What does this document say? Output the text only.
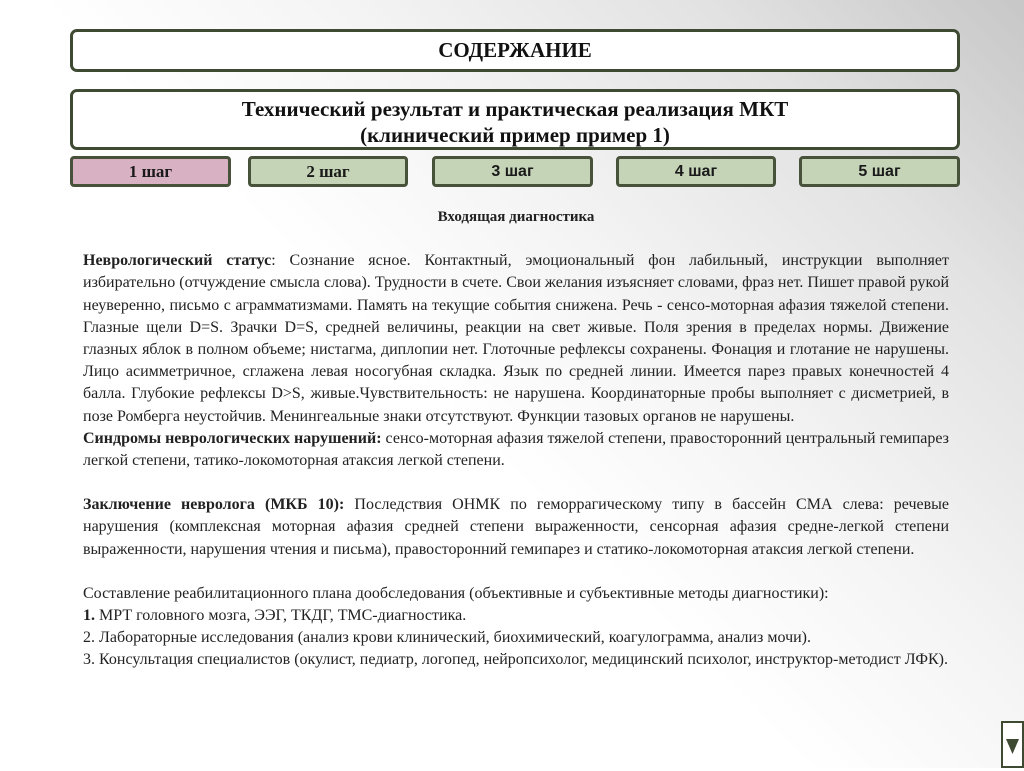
СОДЕРЖАНИЕ
Технический результат и практическая реализация МКТ
(клинический пример пример 1)
1 шаг	2 шаг	3 шаг	4 шаг	5 шаг

Входящая диагностика

Неврологический статус: Сознание ясное. Контактный, эмоциональный фон лабильный, инструкции выполняет избирательно (отчуждение смысла слова). Трудности в счете. Свои желания изъясняет словами, фраз нет. Пишет правой рукой неуверенно, письмо с аграмматизмами. Память на текущие события снижена. Речь - сенсо-моторная афазия тяжелой степени. Глазные щели D=S. Зрачки D=S, средней величины, реакции на свет живые. Поля зрения в пределах нормы. Движение глазных яблок в полном объеме; нистагма, диплопии нет. Глоточные рефлексы сохранены. Фонация и глотание не нарушены. Лицо асимметричное, сглажена левая носогубная складка. Язык по средней линии. Имеется парез правых конечностей 4 балла. Глубокие рефлексы D>S, живые.Чувствительность: не нарушена. Координаторные пробы выполняет с дисметрией, в позе Ромберга неустойчив. Менингеальные знаки отсутствуют. Функции тазовых органов не нарушены.

Синдромы неврологических нарушений: сенсо-моторная афазия тяжелой степени, правосторонний центральный гемипарез легкой степени, татико-локомоторная атаксия легкой степени.

Заключение невролога (МКБ 10): Последствия ОНМК по геморрагическому типу в бассейн СМА слева: речевые нарушения (комплексная моторная афазия средней степени выраженности, сенсорная афазия средне-легкой степени выраженности, нарушения чтения и письма), правосторонний гемипарез и статико-локомоторная атаксия легкой степени.

Составление реабилитационного плана дообследования (объективные и субъективные методы диагностики):

1. МРТ головного мозга, ЭЭГ, ТКДГ, ТМС-диагностика.

2. Лабораторные исследования (анализ крови клинический, биохимический, коагулограмма, анализ мочи).

3. Консультация специалистов (окулист, педиатр, логопед, нейропсихолог, медицинский психолог, инструктор-методист ЛФК).
